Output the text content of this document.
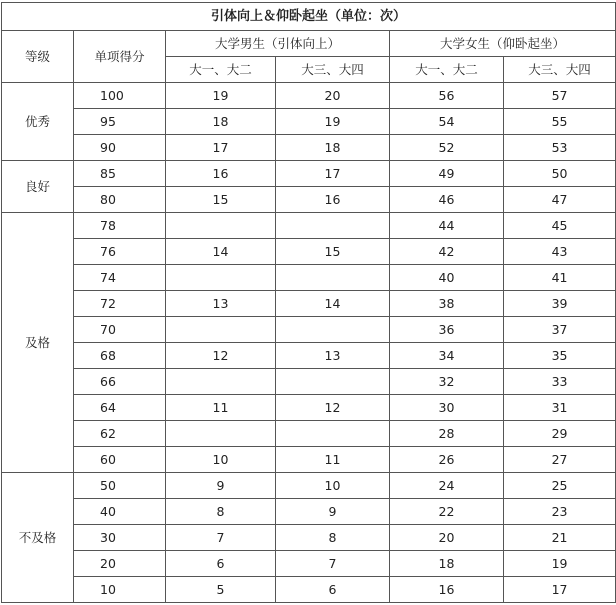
引体向上＆仰卧起坐（单位：次）					
等级	单项得分	大学男生（引体向上）		大学女生（仰卧起坐）	
		大一、大二	大三、大四	大一、大二	大三、大四
优秀	100	19	20	56	57
	95	18	19	54	55
	90	17	18	52	53
良好	85	16	17	49	50
	80	15	16	46	47
及格	78			44	45
	76	14	15	42	43
	74			40	41
	72	13	14	38	39
	70			36	37
	68	12	13	34	35
	66			32	33
	64	11	12	30	31
	62			28	29
	60	10	11	26	27
不及格	50	9	10	24	25
	40	8	9	22	23
	30	7	8	20	21
	20	6	7	18	19
	10	5	6	16	17
